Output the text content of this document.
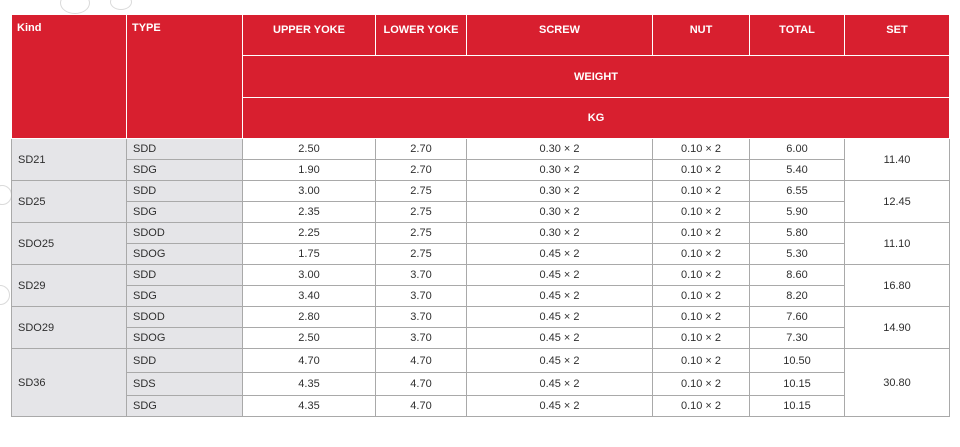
Kind	TYPE	UPPER YOKE	LOWER YOKE	SCREW	NUT	TOTAL	SET
		WEIGHT					
		KG					
SD21	SDD	2.50	2.70	0.30 × 2	0.10 × 2	6.00	11.40
	SDG	1.90	2.70	0.30 × 2	0.10 × 2	5.40	
SD25	SDD	3.00	2.75	0.30 × 2	0.10 × 2	6.55	12.45
	SDG	2.35	2.75	0.30 × 2	0.10 × 2	5.90	
SDO25	SDOD	2.25	2.75	0.30 × 2	0.10 × 2	5.80	11.10
	SDOG	1.75	2.75	0.45 × 2	0.10 × 2	5.30	
SD29	SDD	3.00	3.70	0.45 × 2	0.10 × 2	8.60	16.80
	SDG	3.40	3.70	0.45 × 2	0.10 × 2	8.20	
SDO29	SDOD	2.80	3.70	0.45 × 2	0.10 × 2	7.60	14.90
	SDOG	2.50	3.70	0.45 × 2	0.10 × 2	7.30	
SD36	SDD	4.70	4.70	0.45 × 2	0.10 × 2	10.50	30.80
	SDS	4.35	4.70	0.45 × 2	0.10 × 2	10.15	
	SDG	4.35	4.70	0.45 × 2	0.10 × 2	10.15	
